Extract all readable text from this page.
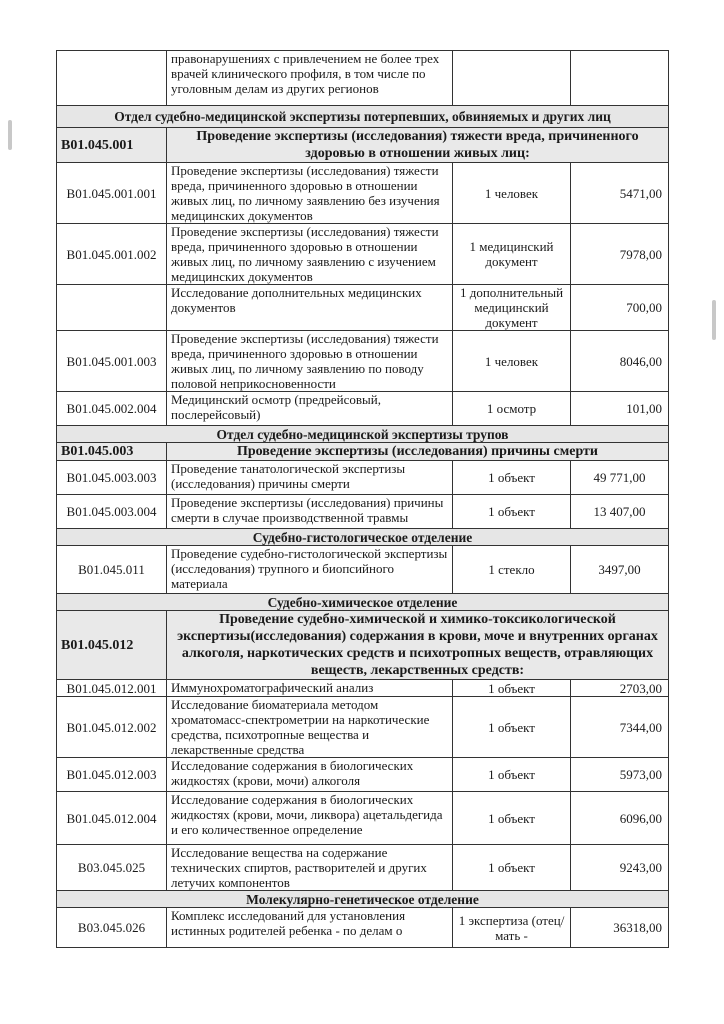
	правонарушениях с привлечением не более трех врачей клинического профиля, в том числе по уголовным делам из других регионов		
Отдел судебно-медицинской экспертизы потерпевших, обвиняемых и других лиц			
В01.045.001	Проведение экспертизы (исследования) тяжести вреда, причиненного здоровью в отношении живых лиц:		
В01.045.001.001	Проведение экспертизы (исследования) тяжести вреда, причиненного здоровью в отношении живых лиц, по личному заявлению без изучения медицинских документов	1 человек	5471,00
В01.045.001.002	Проведение экспертизы (исследования) тяжести вреда, причиненного здоровью в отношении живых лиц, по личному заявлению с изучением медицинских документов	1 медицинский документ	7978,00
	Исследование дополнительных медицинских документов	1 дополнительный медицинский документ	700,00
В01.045.001.003	Проведение экспертизы (исследования) тяжести вреда, причиненного здоровью в отношении живых лиц, по личному заявлению по поводу половой неприкосновенности	1 человек	8046,00
В01.045.002.004	Медицинский осмотр (предрейсовый, послерейсовый)	1 осмотр	101,00
Отдел судебно-медицинской экспертизы трупов			
В01.045.003	Проведение экспертизы (исследования) причины смерти		
В01.045.003.003	Проведение танатологической экспертизы (исследования) причины смерти	1 объект	49 771,00
В01.045.003.004	Проведение экспертизы (исследования) причины смерти в случае производственной травмы	1 объект	13 407,00
Судебно-гистологическое отделение			
В01.045.011	Проведение судебно-гистологической экспертизы (исследования) трупного и биопсийного материала	1 стекло	3497,00
Судебно-химическое отделение			
В01.045.012	Проведение судебно-химической и химико-токсикологической экспертизы(исследования) содержания в крови, моче и внутренних органах алкоголя, наркотических средств и психотропных веществ, отравляющих веществ, лекарственных средств:		
В01.045.012.001	Иммунохроматографический анализ	1 объект	2703,00
В01.045.012.002	Исследование биоматериала методом хроматомасс-спектрометрии на наркотические средства, психотропные вещества и лекарственные средства	1 объект	7344,00
В01.045.012.003	Исследование содержания в биологических жидкостях (крови, мочи) алкоголя	1 объект	5973,00
В01.045.012.004	Исследование содержания в биологических жидкостях (крови, мочи, ликвора) ацетальдегида и его количественное определение	1 объект	6096,00
В03.045.025	Исследование вещества на содержание технических спиртов, растворителей и других летучих компонентов	1 объект	9243,00
Молекулярно-генетическое отделение			
В03.045.026	Комплекс исследований для установления истинных родителей ребенка - по делам о	1 экспертиза (отец/мать -	36318,00
